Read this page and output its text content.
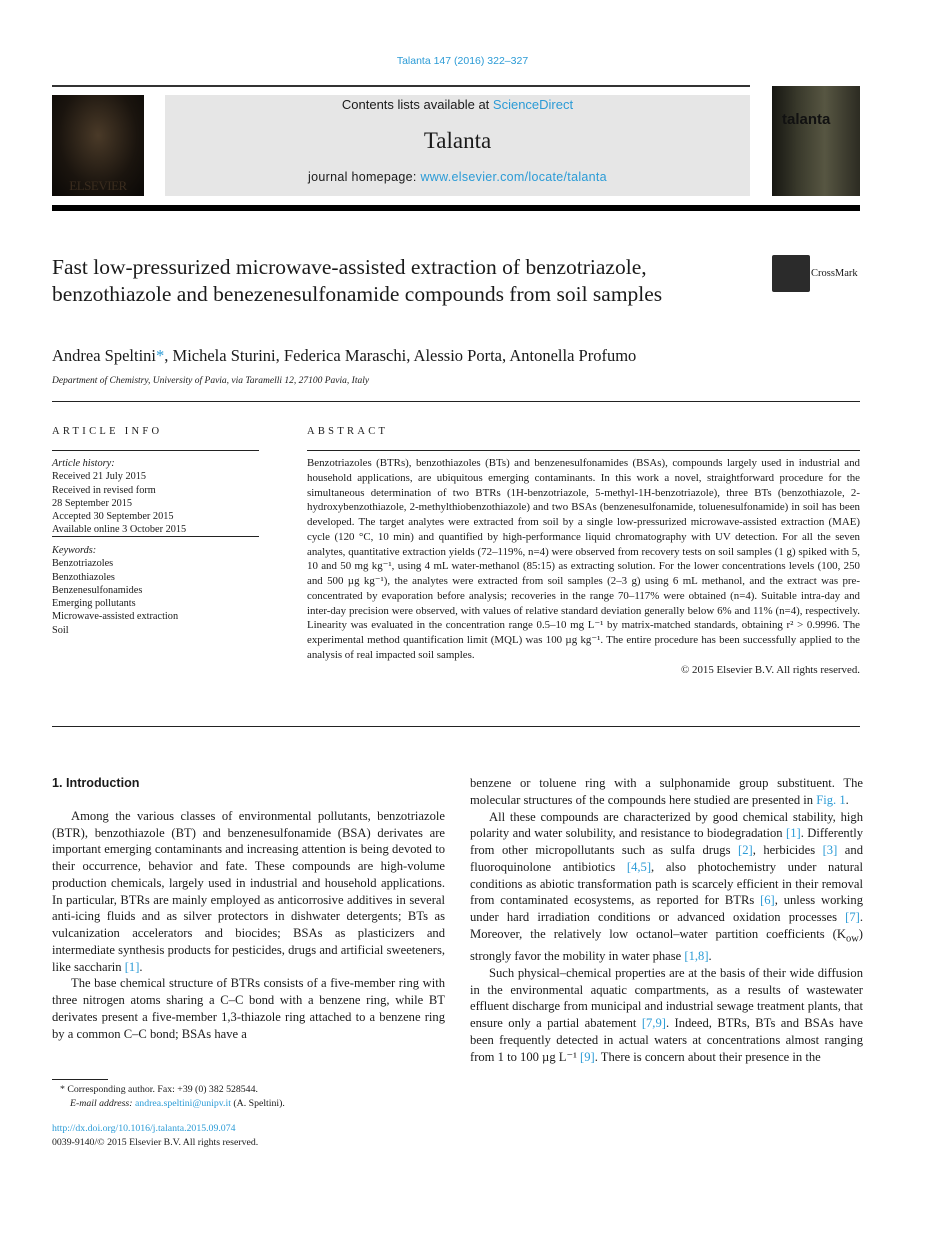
Talanta 147 (2016) 322–327
ELSEVIER
Contents lists available at ScienceDirect
Talanta
journal homepage: www.elsevier.com/locate/talanta
talanta
Fast low-pressurized microwave-assisted extraction of benzotriazole, benzothiazole and benezenesulfonamide compounds from soil samples
CrossMark
Andrea Speltini*, Michela Sturini, Federica Maraschi, Alessio Porta, Antonella Profumo
Department of Chemistry, University of Pavia, via Taramelli 12, 27100 Pavia, Italy
ARTICLE INFO
Article history:
Received 21 July 2015
Received in revised form
28 September 2015
Accepted 30 September 2015
Available online 3 October 2015
Keywords:
Benzotriazoles
Benzothiazoles
Benzenesulfonamides
Emerging pollutants
Microwave-assisted extraction
Soil
ABSTRACT
Benzotriazoles (BTRs), benzothiazoles (BTs) and benzenesulfonamides (BSAs), compounds largely used in industrial and household applications, are ubiquitous emerging contaminants. In this work a novel, straightforward procedure for the simultaneous determination of two BTRs (1H-benzotriazole, 5-methyl-1H-benzotriazole), three BTs (benzothiazole, 2-hydroxybenzothiazole, 2-methylthiobenzothiazole) and two BSAs (benzenesulfonamide, toluenesulfonamide) in soil has been developed. The target analytes were extracted from soil by a single low-pressurized microwave-assisted extraction (MAE) cycle (120 °C, 10 min) and quantified by high-performance liquid chromatography with UV detection. For all the seven analytes, quantitative extraction yields (72–119%, n=4) were observed from recovery tests on soil samples (1 g) spiked with 5, 10 and 50 mg kg⁻¹, using 4 mL water-methanol (85:15) as extracting solution. For the lower concentrations levels (100, 250 and 500 µg kg⁻¹), the analytes were extracted from soil samples (2–3 g) using 6 mL methanol, and the extract was pre-concentrated by evaporation before analysis; recoveries in the range 70–117% were obtained (n=4). Suitable intra-day and inter-day precision were observed, with values of relative standard deviation generally below 6% and 11% (n=4), respectively. Linearity was evaluated in the concentration range 0.5–10 mg L⁻¹ by matrix-matched standards, obtaining r² > 0.9996. The experimental method quantification limit (MQL) was 100 µg kg⁻¹. The entire procedure has been successfully applied to the analysis of real impacted soil samples.
© 2015 Elsevier B.V. All rights reserved.
1. Introduction

Among the various classes of environmental pollutants, benzotriazole (BTR), benzothiazole (BT) and benzenesulfonamide (BSA) derivates are important emerging contaminants and increasing attention is being devoted to their occurrence, behavior and fate. These compounds are high-volume production chemicals, largely used in industrial and household applications. In particular, BTRs are mainly employed as anticorrosive additives in several anti-icing fluids and as silver protectors in dishwater detergents; BTs as vulcanization accelerators and biocides; BSAs as plasticizers and intermediate synthesis products for pesticides, drugs and artificial sweeteners, like saccharin [1].

The base chemical structure of BTRs consists of a five-member ring with three nitrogen atoms sharing a C–C bond with a benzene ring, while BT derivates present a five-member 1,3-thiazole ring attached to a benzene ring by a common C–C bond; BSAs have a

benzene or toluene ring with a sulphonamide group substituent. The molecular structures of the compounds here studied are presented in Fig. 1.

All these compounds are characterized by good chemical stability, high polarity and water solubility, and resistance to biodegradation [1]. Differently from other micropollutants such as sulfa drugs [2], herbicides [3] and fluoroquinolone antibiotics [4,5], also photochemistry under natural conditions as abiotic transformation path is scarcely efficient in their removal from contaminated ecosystems, as reported for BTRs [6], unless working under hard irradiation conditions or advanced oxidation processes [7]. Moreover, the relatively low octanol–water partition coefficients $(K_{ow})$ strongly favor the mobility in water phase [1,8].

Such physical–chemical properties are at the basis of their wide diffusion in the environmental aquatic compartments, as a results of wastewater effluent discharge from municipal and industrial sewage treatment plants, that ensure only a partial abatement [7,9]. Indeed, BTRs, BTs and BSAs have been frequently detected in actual waters at concentrations almost ranging from 1 to 100 µg L⁻¹ [9]. There is concern about their presence in the

* Corresponding author. Fax: +39 (0) 382 528544.
E-mail address: andrea.speltini@unipv.it (A. Speltini).
http://dx.doi.org/10.1016/j.talanta.2015.09.074
0039-9140/© 2015 Elsevier B.V. All rights reserved.
